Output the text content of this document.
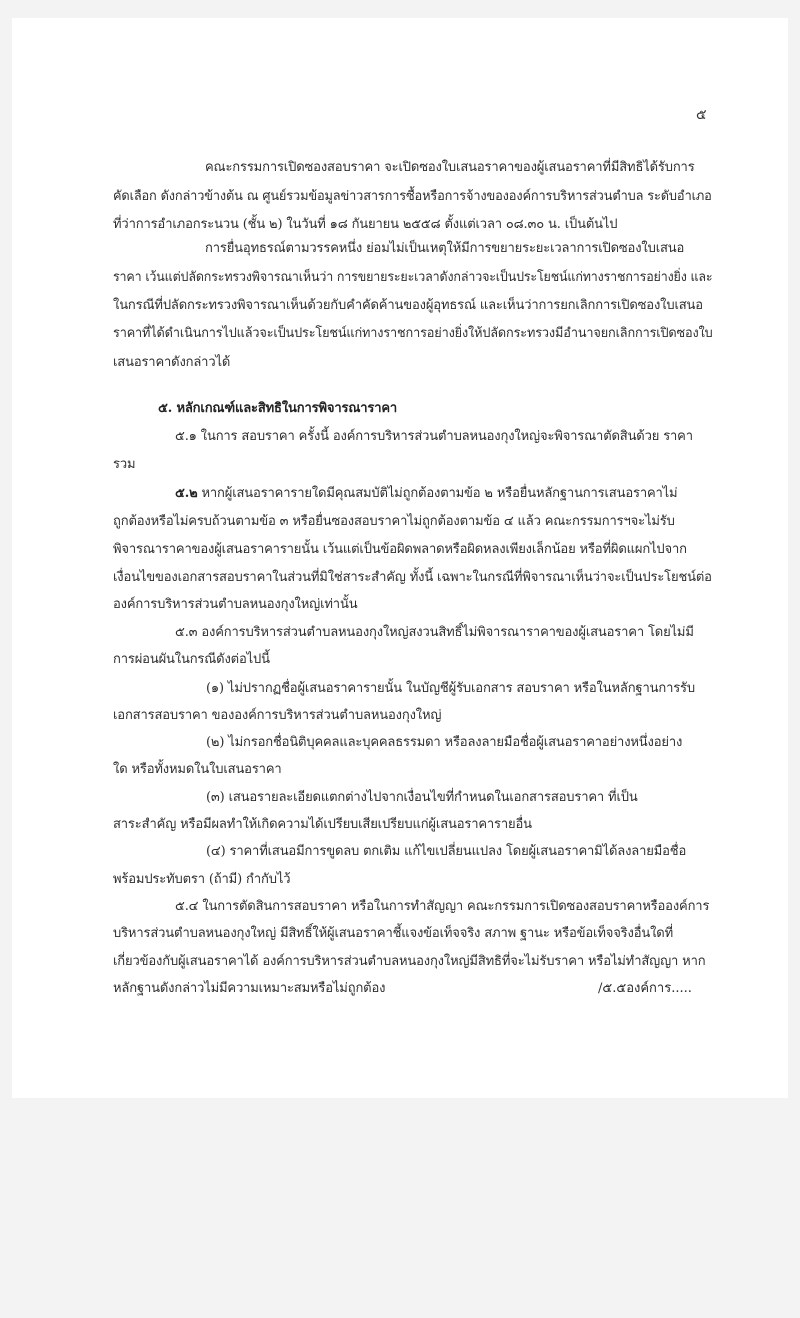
๕
คณะกรรมการเปิดซองสอบราคา จะเปิดซองใบเสนอราคาของผู้เสนอราคาที่มีสิทธิได้รับการ
คัดเลือก ดังกล่าวข้างต้น ณ ศูนย์รวมข้อมูลข่าวสารการซื้อหรือการจ้างขององค์การบริหารส่วนตำบล ระดับอำเภอ
ที่ว่าการอำเภอกระนวน (ชั้น ๒) ในวันที่ ๑๘ กันยายน ๒๕๕๘ ตั้งแต่เวลา ๐๘.๓๐ น. เป็นต้นไป
การยื่นอุทธรณ์ตามวรรคหนึ่ง ย่อมไม่เป็นเหตุให้มีการขยายระยะเวลาการเปิดซองใบเสนอ
ราคา เว้นแต่ปลัดกระทรวงพิจารณาเห็นว่า การขยายระยะเวลาดังกล่าวจะเป็นประโยชน์แก่ทางราชการอย่างยิ่ง และ
ในกรณีที่ปลัดกระทรวงพิจารณาเห็นด้วยกับคำคัดค้านของผู้อุทธรณ์ และเห็นว่าการยกเลิกการเปิดซองใบเสนอ
ราคาที่ได้ดำเนินการไปแล้วจะเป็นประโยชน์แก่ทางราชการอย่างยิ่งให้ปลัดกระทรวงมีอำนาจยกเลิกการเปิดซองใบ
เสนอราคาดังกล่าวได้
๕. หลักเกณฑ์และสิทธิในการพิจารณาราคา
๕.๑ ในการ สอบราคา ครั้งนี้ องค์การบริหารส่วนตำบลหนองกุงใหญ่จะพิจารณาตัดสินด้วย ราคา
รวม
๕.๒ หากผู้เสนอราคารายใดมีคุณสมบัติไม่ถูกต้องตามข้อ ๒ หรือยื่นหลักฐานการเสนอราคาไม่
ถูกต้องหรือไม่ครบถ้วนตามข้อ ๓ หรือยื่นซองสอบราคาไม่ถูกต้องตามข้อ ๔ แล้ว คณะกรรมการฯจะไม่รับ
พิจารณาราคาของผู้เสนอราคารายนั้น เว้นแต่เป็นข้อผิดพลาดหรือผิดหลงเพียงเล็กน้อย หรือที่ผิดแผกไปจาก
เงื่อนไขของเอกสารสอบราคาในส่วนที่มิใช่สาระสำคัญ ทั้งนี้ เฉพาะในกรณีที่พิจารณาเห็นว่าจะเป็นประโยชน์ต่อ
องค์การบริหารส่วนตำบลหนองกุงใหญ่เท่านั้น
๕.๓ องค์การบริหารส่วนตำบลหนองกุงใหญ่สงวนสิทธิ์ไม่พิจารณาราคาของผู้เสนอราคา โดยไม่มี
การผ่อนผันในกรณีดังต่อไปนี้
(๑) ไม่ปรากฏชื่อผู้เสนอราคารายนั้น ในบัญชีผู้รับเอกสาร สอบราคา หรือในหลักฐานการรับ
เอกสารสอบราคา ขององค์การบริหารส่วนตำบลหนองกุงใหญ่
(๒) ไม่กรอกชื่อนิติบุคคลและบุคคลธรรมดา หรือลงลายมือชื่อผู้เสนอราคาอย่างหนึ่งอย่าง
ใด หรือทั้งหมดในใบเสนอราคา
(๓) เสนอรายละเอียดแตกต่างไปจากเงื่อนไขที่กำหนดในเอกสารสอบราคา ที่เป็น
สาระสำคัญ หรือมีผลทำให้เกิดความได้เปรียบเสียเปรียบแก่ผู้เสนอราคารายอื่น
(๔) ราคาที่เสนอมีการขูดลบ ตกเติม แก้ไขเปลี่ยนแปลง โดยผู้เสนอราคามิได้ลงลายมือชื่อ
พร้อมประทับตรา (ถ้ามี) กำกับไว้
๕.๔ ในการตัดสินการสอบราคา หรือในการทำสัญญา คณะกรรมการเปิดซองสอบราคาหรือองค์การ
บริหารส่วนตำบลหนองกุงใหญ่ มีสิทธิ์ให้ผู้เสนอราคาชี้แจงข้อเท็จจริง สภาพ ฐานะ หรือข้อเท็จจริงอื่นใดที่
เกี่ยวข้องกับผู้เสนอราคาได้ องค์การบริหารส่วนตำบลหนองกุงใหญ่มีสิทธิที่จะไม่รับราคา หรือไม่ทำสัญญา หาก
หลักฐานดังกล่าวไม่มีความเหมาะสมหรือไม่ถูกต้อง	/๕.๕องค์การ.....
